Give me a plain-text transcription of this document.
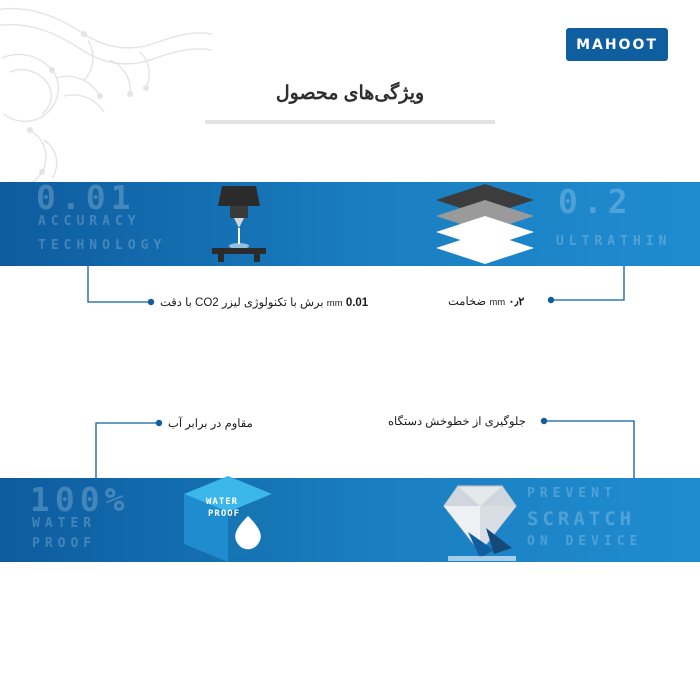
MAHOOT
ویژگی‌های محصول
0.01
ACCURACY
TECHNOLOGY
0.2
ULTRATHIN
100%
WATER
PROOF
PREVENT
SCRATCH
ON DEVICE
WATER
PROOF
0.01 mm برش با تکنولوژی لیزر CO2 با دقت	۰٫۲ mm ضخامت
مقاوم در برابر آب	جلوگیری از خطوخش دستگاه
